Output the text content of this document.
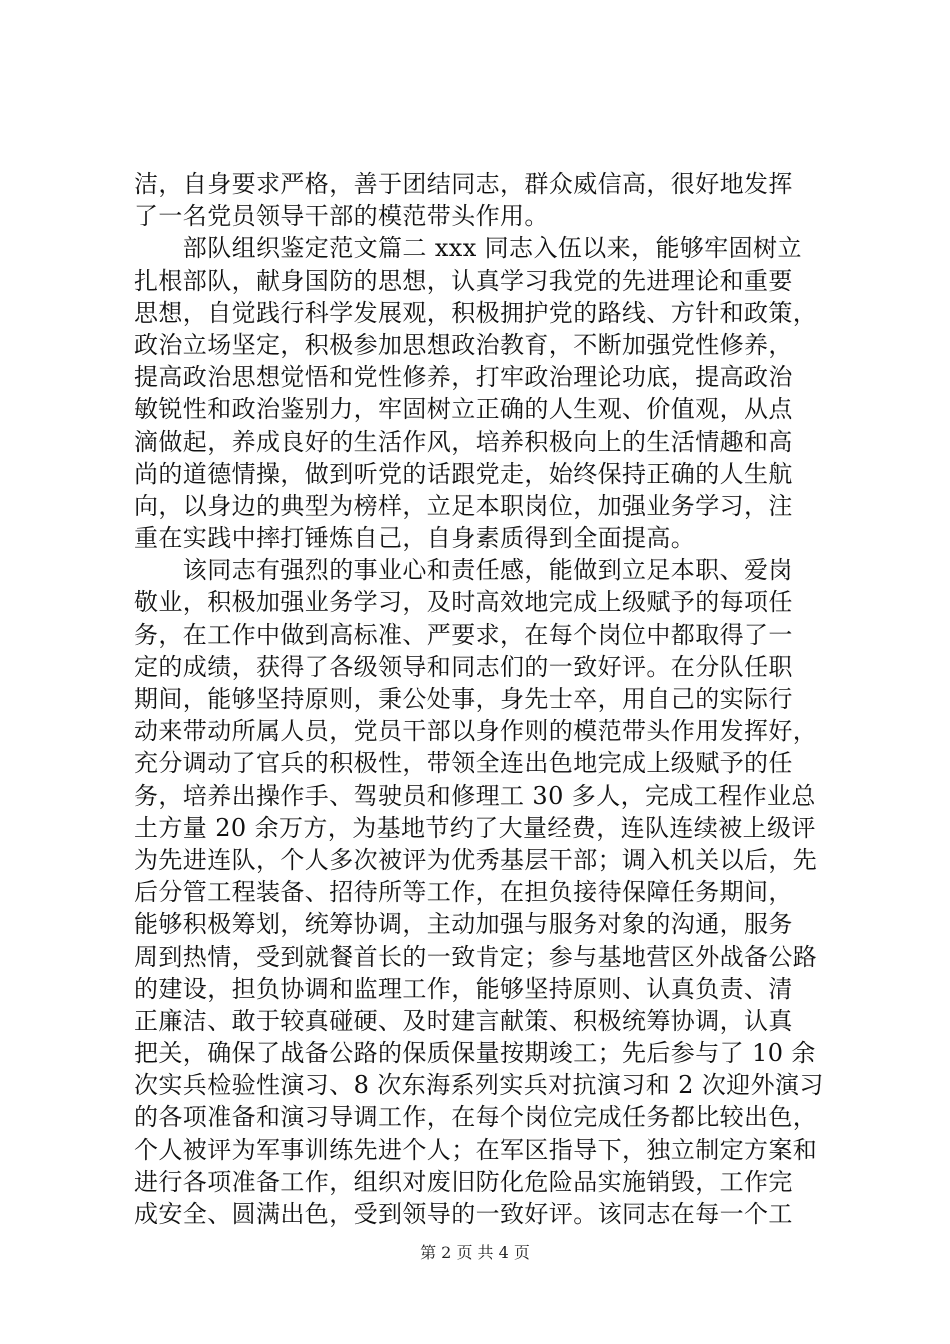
洁，自身要求严格，善于团结同志，群众威信高，很好地发挥
了一名党员领导干部的模范带头作用。
　　部队组织鉴定范文篇二 xxx 同志入伍以来，能够牢固树立
扎根部队，献身国防的思想，认真学习我党的先进理论和重要
思想，自觉践行科学发展观，积极拥护党的路线、方针和政策，
政治立场坚定，积极参加思想政治教育，不断加强党性修养，
提高政治思想觉悟和党性修养，打牢政治理论功底，提高政治
敏锐性和政治鉴别力，牢固树立正确的人生观、价值观，从点
滴做起，养成良好的生活作风，培养积极向上的生活情趣和高
尚的道德情操，做到听党的话跟党走，始终保持正确的人生航
向，以身边的典型为榜样，立足本职岗位，加强业务学习，注
重在实践中摔打锤炼自己，自身素质得到全面提高。
　　该同志有强烈的事业心和责任感，能做到立足本职、爱岗
敬业，积极加强业务学习，及时高效地完成上级赋予的每项任
务，在工作中做到高标准、严要求，在每个岗位中都取得了一
定的成绩，获得了各级领导和同志们的一致好评。在分队任职
期间，能够坚持原则，秉公处事，身先士卒，用自己的实际行
动来带动所属人员，党员干部以身作则的模范带头作用发挥好，
充分调动了官兵的积极性，带领全连出色地完成上级赋予的任
务，培养出操作手、驾驶员和修理工 30 多人，完成工程作业总
土方量 20 余万方，为基地节约了大量经费，连队连续被上级评
为先进连队，个人多次被评为优秀基层干部；调入机关以后，先
后分管工程装备、招待所等工作，在担负接待保障任务期间，
能够积极筹划，统筹协调，主动加强与服务对象的沟通，服务
周到热情，受到就餐首长的一致肯定；参与基地营区外战备公路
的建设，担负协调和监理工作，能够坚持原则、认真负责、清
正廉洁、敢于较真碰硬、及时建言献策、积极统筹协调，认真
把关，确保了战备公路的保质保量按期竣工；先后参与了 10 余
次实兵检验性演习、8 次东海系列实兵对抗演习和 2 次迎外演习
的各项准备和演习导调工作，在每个岗位完成任务都比较出色，
个人被评为军事训练先进个人；在军区指导下，独立制定方案和
进行各项准备工作，组织对废旧防化危险品实施销毁，工作完
成安全、圆满出色，受到领导的一致好评。该同志在每一个工
第 2 页 共 4 页
